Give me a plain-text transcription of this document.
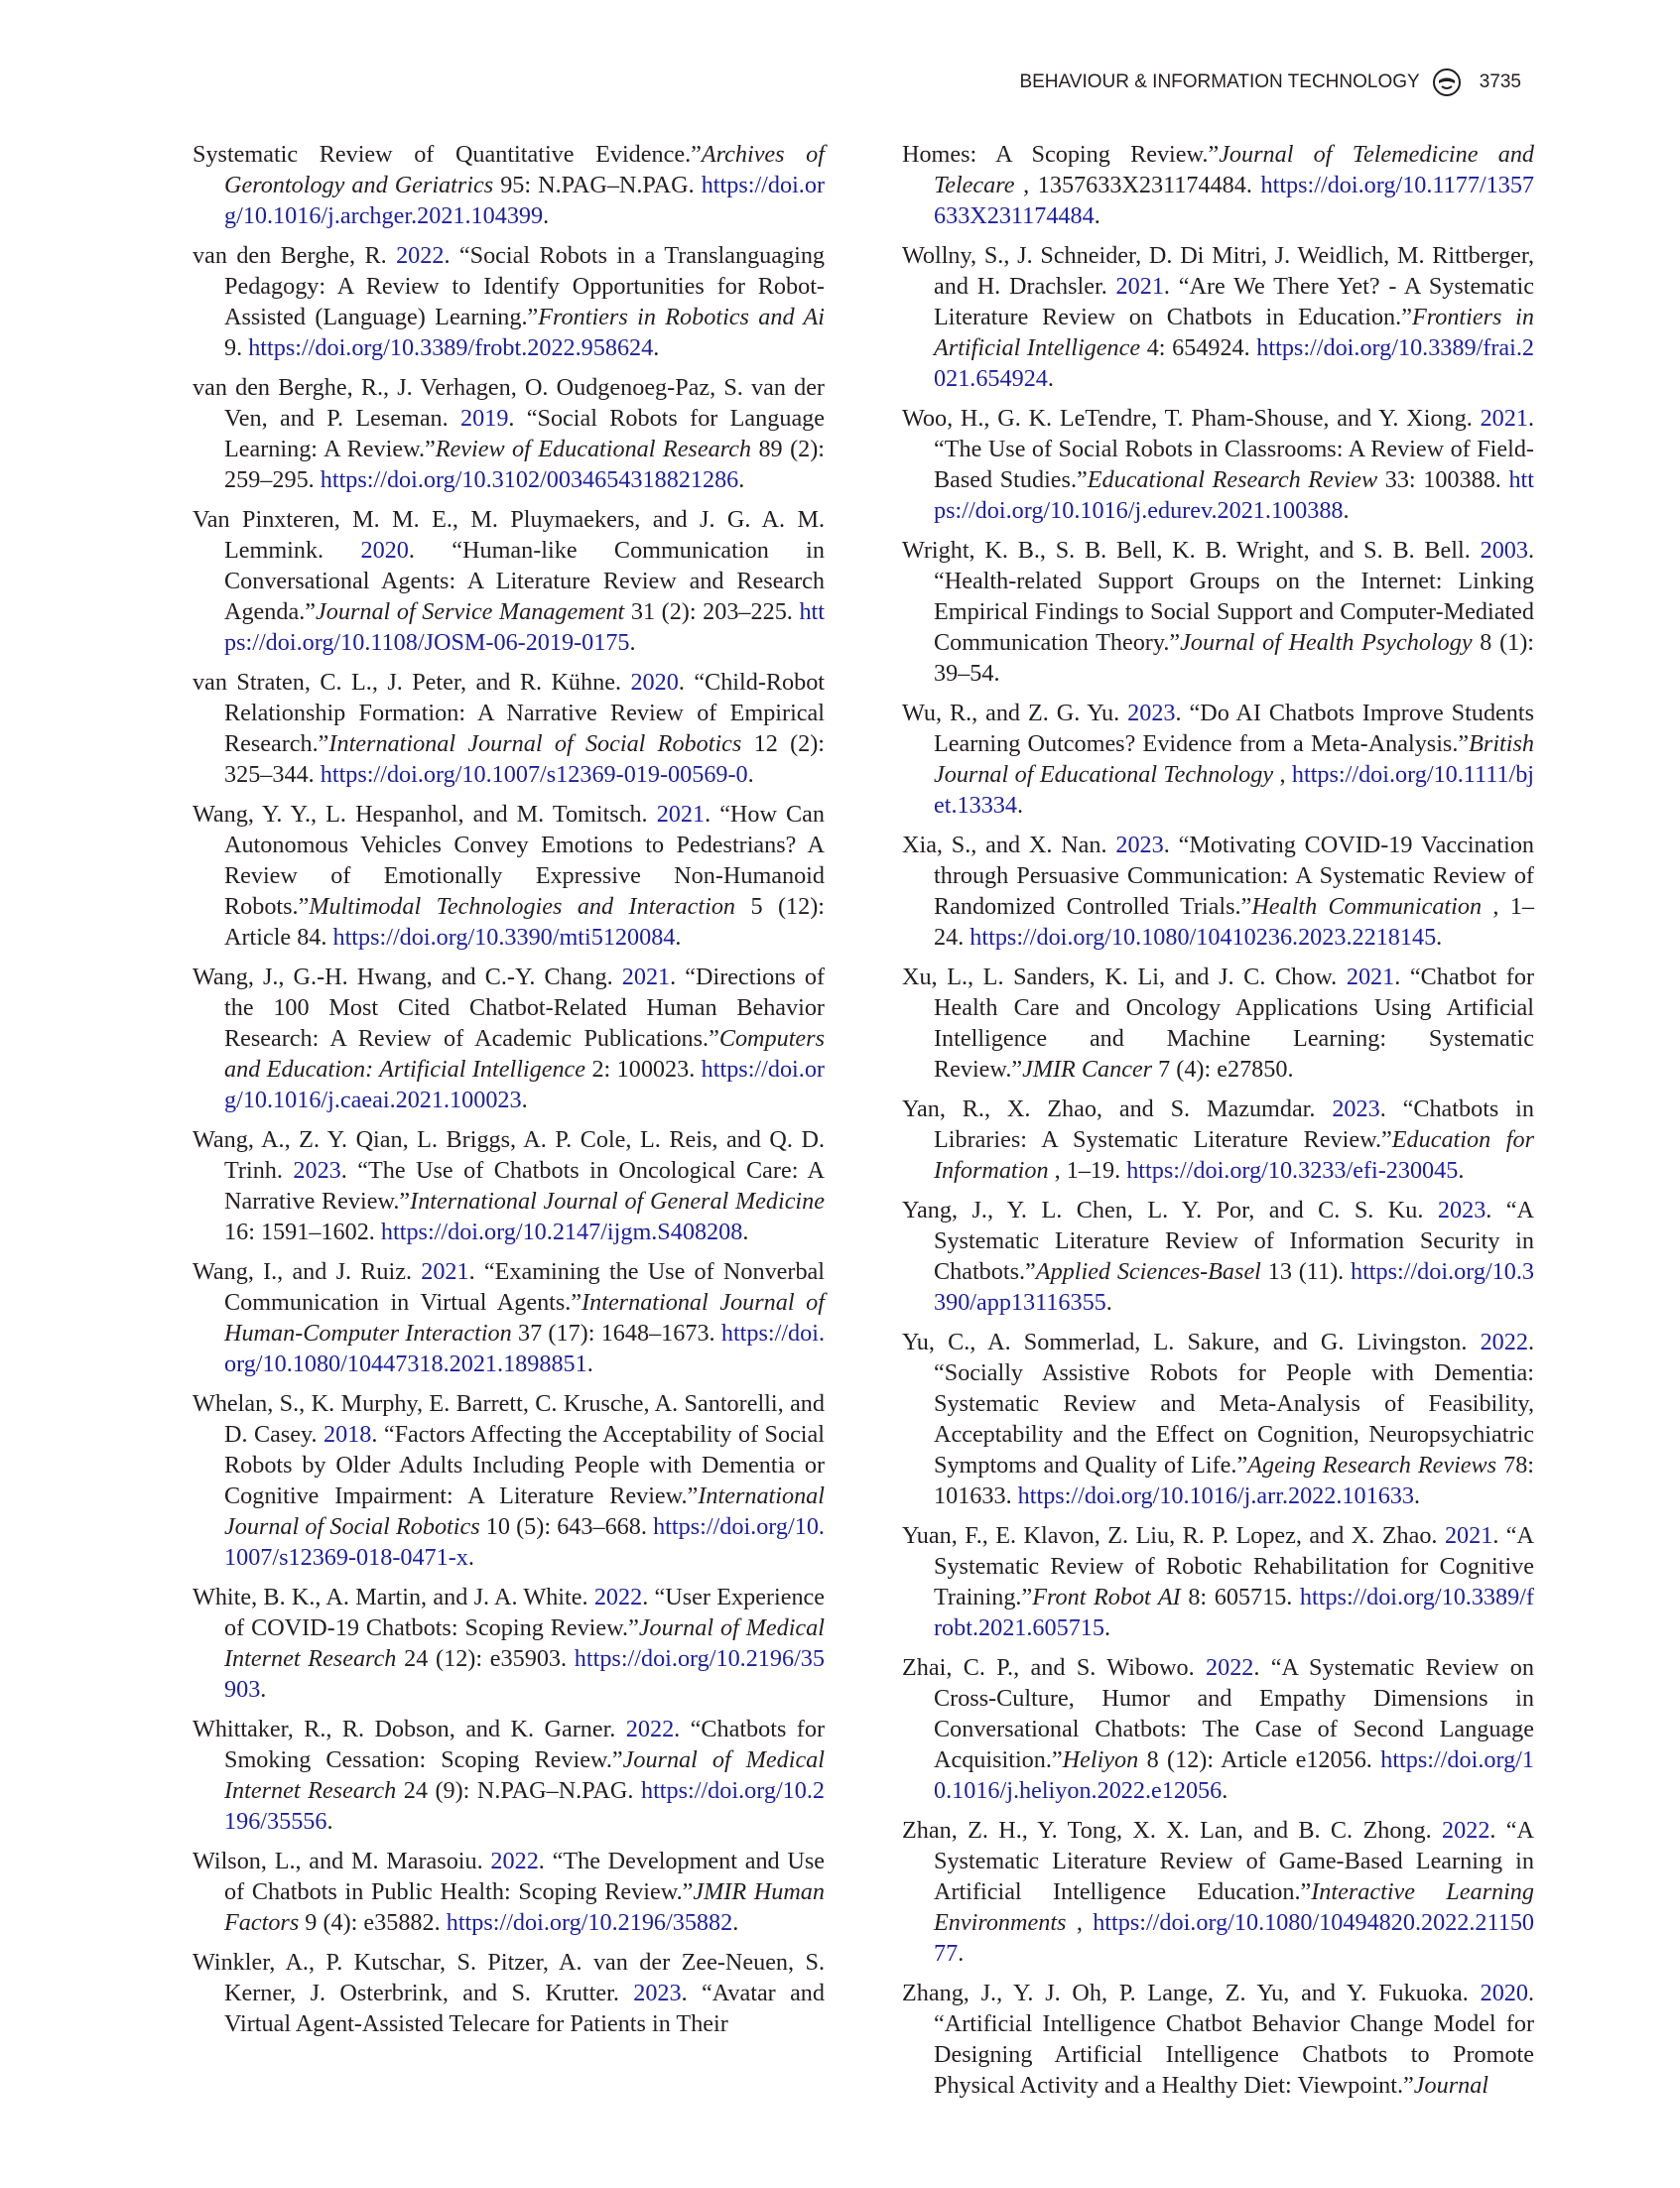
BEHAVIOUR & INFORMATION TECHNOLOGY	3735

Systematic Review of Quantitative Evidence.”Archives of Gerontology and Geriatrics 95: N.PAG–N.PAG. https://doi.org/10.1016/j.archger.2021.104399.

van den Berghe, R. 2022. “Social Robots in a Translanguaging Pedagogy: A Review to Identify Opportunities for Robot-Assisted (Language) Learning.”Frontiers in Robotics and Ai 9. https://doi.org/10.3389/frobt.2022.958624.

van den Berghe, R., J. Verhagen, O. Oudgenoeg-Paz, S. van der Ven, and P. Leseman. 2019. “Social Robots for Language Learning: A Review.”Review of Educational Research 89 (2): 259–295. https://doi.org/10.3102/0034654318821286.

Van Pinxteren, M. M. E., M. Pluymaekers, and J. G. A. M. Lemmink. 2020. “Human-like Communication in Conversational Agents: A Literature Review and Research Agenda.”Journal of Service Management 31 (2): 203–225. https://doi.org/10.1108/JOSM-06-2019-0175.

van Straten, C. L., J. Peter, and R. Kühne. 2020. “Child-Robot Relationship Formation: A Narrative Review of Empirical Research.”International Journal of Social Robotics 12 (2): 325–344. https://doi.org/10.1007/s12369-019-00569-0.

Wang, Y. Y., L. Hespanhol, and M. Tomitsch. 2021. “How Can Autonomous Vehicles Convey Emotions to Pedestrians? A Review of Emotionally Expressive Non-Humanoid Robots.”Multimodal Technologies and Interaction 5 (12): Article 84. https://doi.org/10.3390/mti5120084.

Wang, J., G.-H. Hwang, and C.-Y. Chang. 2021. “Directions of the 100 Most Cited Chatbot-Related Human Behavior Research: A Review of Academic Publications.”Computers and Education: Artificial Intelligence 2: 100023. https://doi.org/10.1016/j.caeai.2021.100023.

Wang, A., Z. Y. Qian, L. Briggs, A. P. Cole, L. Reis, and Q. D. Trinh. 2023. “The Use of Chatbots in Oncological Care: A Narrative Review.”International Journal of General Medicine 16: 1591–1602. https://doi.org/10.2147/ijgm.S408208.

Wang, I., and J. Ruiz. 2021. “Examining the Use of Nonverbal Communication in Virtual Agents.”International Journal of Human-Computer Interaction 37 (17): 1648–1673. https://doi.org/10.1080/10447318.2021.1898851.

Whelan, S., K. Murphy, E. Barrett, C. Krusche, A. Santorelli, and D. Casey. 2018. “Factors Affecting the Acceptability of Social Robots by Older Adults Including People with Dementia or Cognitive Impairment: A Literature Review.”International Journal of Social Robotics 10 (5): 643–668. https://doi.org/10.1007/s12369-018-0471-x.

White, B. K., A. Martin, and J. A. White. 2022. “User Experience of COVID-19 Chatbots: Scoping Review.”Journal of Medical Internet Research 24 (12): e35903. https://doi.org/10.2196/35903.

Whittaker, R., R. Dobson, and K. Garner. 2022. “Chatbots for Smoking Cessation: Scoping Review.”Journal of Medical Internet Research 24 (9): N.PAG–N.PAG. https://doi.org/10.2196/35556.

Wilson, L., and M. Marasoiu. 2022. “The Development and Use of Chatbots in Public Health: Scoping Review.”JMIR Human Factors 9 (4): e35882. https://doi.org/10.2196/35882.

Winkler, A., P. Kutschar, S. Pitzer, A. van der Zee-Neuen, S. Kerner, J. Osterbrink, and S. Krutter. 2023. “Avatar and Virtual Agent-Assisted Telecare for Patients in Their

Homes: A Scoping Review.”Journal of Telemedicine and Telecare , 1357633X231174484. https://doi.org/10.1177/1357633X231174484.

Wollny, S., J. Schneider, D. Di Mitri, J. Weidlich, M. Rittberger, and H. Drachsler. 2021. “Are We There Yet? - A Systematic Literature Review on Chatbots in Education.”Frontiers in Artificial Intelligence 4: 654924. https://doi.org/10.3389/frai.2021.654924.

Woo, H., G. K. LeTendre, T. Pham-Shouse, and Y. Xiong. 2021. “The Use of Social Robots in Classrooms: A Review of Field-Based Studies.”Educational Research Review 33: 100388. https://doi.org/10.1016/j.edurev.2021.100388.

Wright, K. B., S. B. Bell, K. B. Wright, and S. B. Bell. 2003. “Health-related Support Groups on the Internet: Linking Empirical Findings to Social Support and Computer-Mediated Communication Theory.”Journal of Health Psychology 8 (1): 39–54.

Wu, R., and Z. G. Yu. 2023. “Do AI Chatbots Improve Students Learning Outcomes? Evidence from a Meta-Analysis.”British Journal of Educational Technology , https://doi.org/10.1111/bjet.13334.

Xia, S., and X. Nan. 2023. “Motivating COVID-19 Vaccination through Persuasive Communication: A Systematic Review of Randomized Controlled Trials.”Health Communication , 1–24. https://doi.org/10.1080/10410236.2023.2218145.

Xu, L., L. Sanders, K. Li, and J. C. Chow. 2021. “Chatbot for Health Care and Oncology Applications Using Artificial Intelligence and Machine Learning: Systematic Review.”JMIR Cancer 7 (4): e27850.

Yan, R., X. Zhao, and S. Mazumdar. 2023. “Chatbots in Libraries: A Systematic Literature Review.”Education for Information , 1–19. https://doi.org/10.3233/efi-230045.

Yang, J., Y. L. Chen, L. Y. Por, and C. S. Ku. 2023. “A Systematic Literature Review of Information Security in Chatbots.”Applied Sciences-Basel 13 (11). https://doi.org/10.3390/app13116355.

Yu, C., A. Sommerlad, L. Sakure, and G. Livingston. 2022. “Socially Assistive Robots for People with Dementia: Systematic Review and Meta-Analysis of Feasibility, Acceptability and the Effect on Cognition, Neuropsychiatric Symptoms and Quality of Life.”Ageing Research Reviews 78: 101633. https://doi.org/10.1016/j.arr.2022.101633.

Yuan, F., E. Klavon, Z. Liu, R. P. Lopez, and X. Zhao. 2021. “A Systematic Review of Robotic Rehabilitation for Cognitive Training.”Front Robot AI 8: 605715. https://doi.org/10.3389/frobt.2021.605715.

Zhai, C. P., and S. Wibowo. 2022. “A Systematic Review on Cross-Culture, Humor and Empathy Dimensions in Conversational Chatbots: The Case of Second Language Acquisition.”Heliyon 8 (12): Article e12056. https://doi.org/10.1016/j.heliyon.2022.e12056.

Zhan, Z. H., Y. Tong, X. X. Lan, and B. C. Zhong. 2022. “A Systematic Literature Review of Game-Based Learning in Artificial Intelligence Education.”Interactive Learning Environments , https://doi.org/10.1080/10494820.2022.2115077.

Zhang, J., Y. J. Oh, P. Lange, Z. Yu, and Y. Fukuoka. 2020. “Artificial Intelligence Chatbot Behavior Change Model for Designing Artificial Intelligence Chatbots to Promote Physical Activity and a Healthy Diet: Viewpoint.”Journal
